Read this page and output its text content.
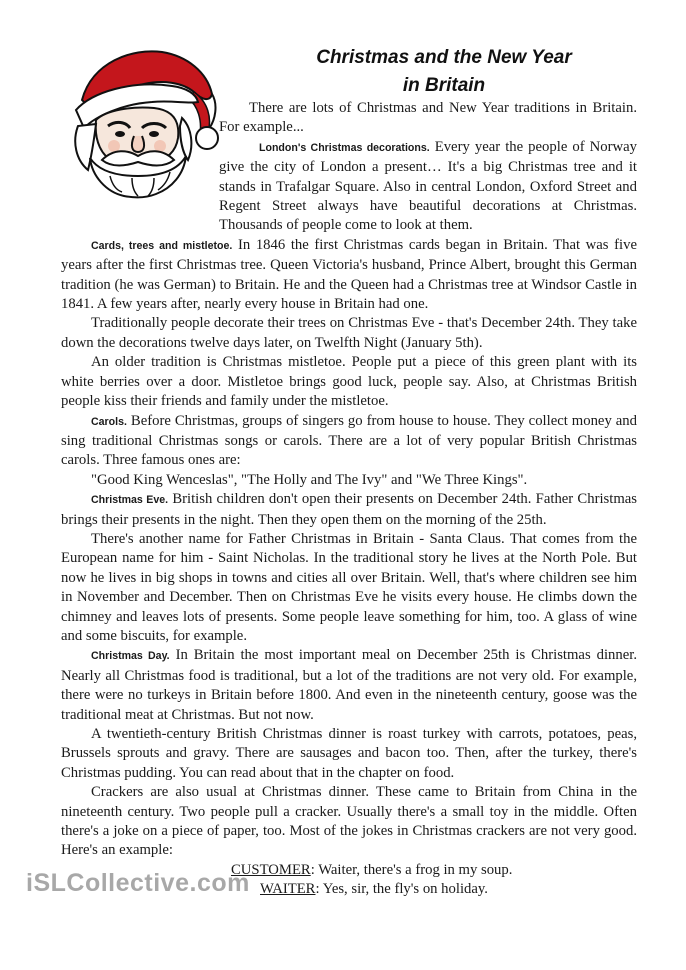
Christmas and the New Year
in Britain

There are lots of Christmas and New Year traditions in Britain. For example...

London's Christmas decorations. Every year the people of Norway give the city of London a present… It's a big Christmas tree and it stands in Trafalgar Square. Also in central London, Oxford Street and Regent Street always have beautiful decorations at Christmas. Thousands of people come to look at them.

Cards, trees and mistletoe. In 1846 the first Christmas cards began in Britain. That was five years after the first Christmas tree. Queen Victoria's husband, Prince Albert, brought this German tradition (he was German) to Britain. He and the Queen had a Christmas tree at Windsor Castle in 1841. A few years after, nearly every house in Britain had one.

Traditionally people decorate their trees on Christmas Eve - that's December 24th. They take down the decorations twelve days later, on Twelfth Night (January 5th).

An older tradition is Christmas mistletoe. People put a piece of this green plant with its white berries over a door. Mistletoe brings good luck, people say. Also, at Christmas British people kiss their friends and family under the mistletoe.

Carols. Before Christmas, groups of singers go from house to house. They collect money and sing traditional Christmas songs or carols. There are a lot of very popular British Christmas carols. Three famous ones are:

"Good King Wenceslas", "The Holly and The Ivy" and "We Three Kings".

Christmas Eve. British children don't open their presents on December 24th. Father Christmas brings their presents in the night. Then they open them on the morning of the 25th.

There's another name for Father Christmas in Britain - Santa Claus. That comes from the European name for him - Saint Nicholas. In the traditional story he lives at the North Pole. But now he lives in big shops in towns and cities all over Britain. Well, that's where children see him in November and December. Then on Christmas Eve he visits every house. He climbs down the chimney and leaves lots of presents. Some people leave something for him, too. A glass of wine and some biscuits, for example.

Christmas Day. In Britain the most important meal on December 25th is Christmas dinner. Nearly all Christmas food is traditional, but a lot of the traditions are not very old. For example, there were no turkeys in Britain before 1800. And even in the nineteenth century, goose was the traditional meat at Christmas. But not now.

A twentieth-century British Christmas dinner is roast turkey with carrots, potatoes, peas, Brussels sprouts and gravy. There are sausages and bacon too. Then, after the turkey, there's Christmas pudding. You can read about that in the chapter on food.

Crackers are also usual at Christmas dinner. These came to Britain from China in the nineteenth century. Two people pull a cracker. Usually there's a small toy in the middle. Often there's a joke on a piece of paper, too. Most of the jokes in Christmas crackers are not very good. Here's an example:

CUSTOMER: Waiter, there's a frog in my soup.
WAITER: Yes, sir, the fly's on holiday.
iSLCollective.com
